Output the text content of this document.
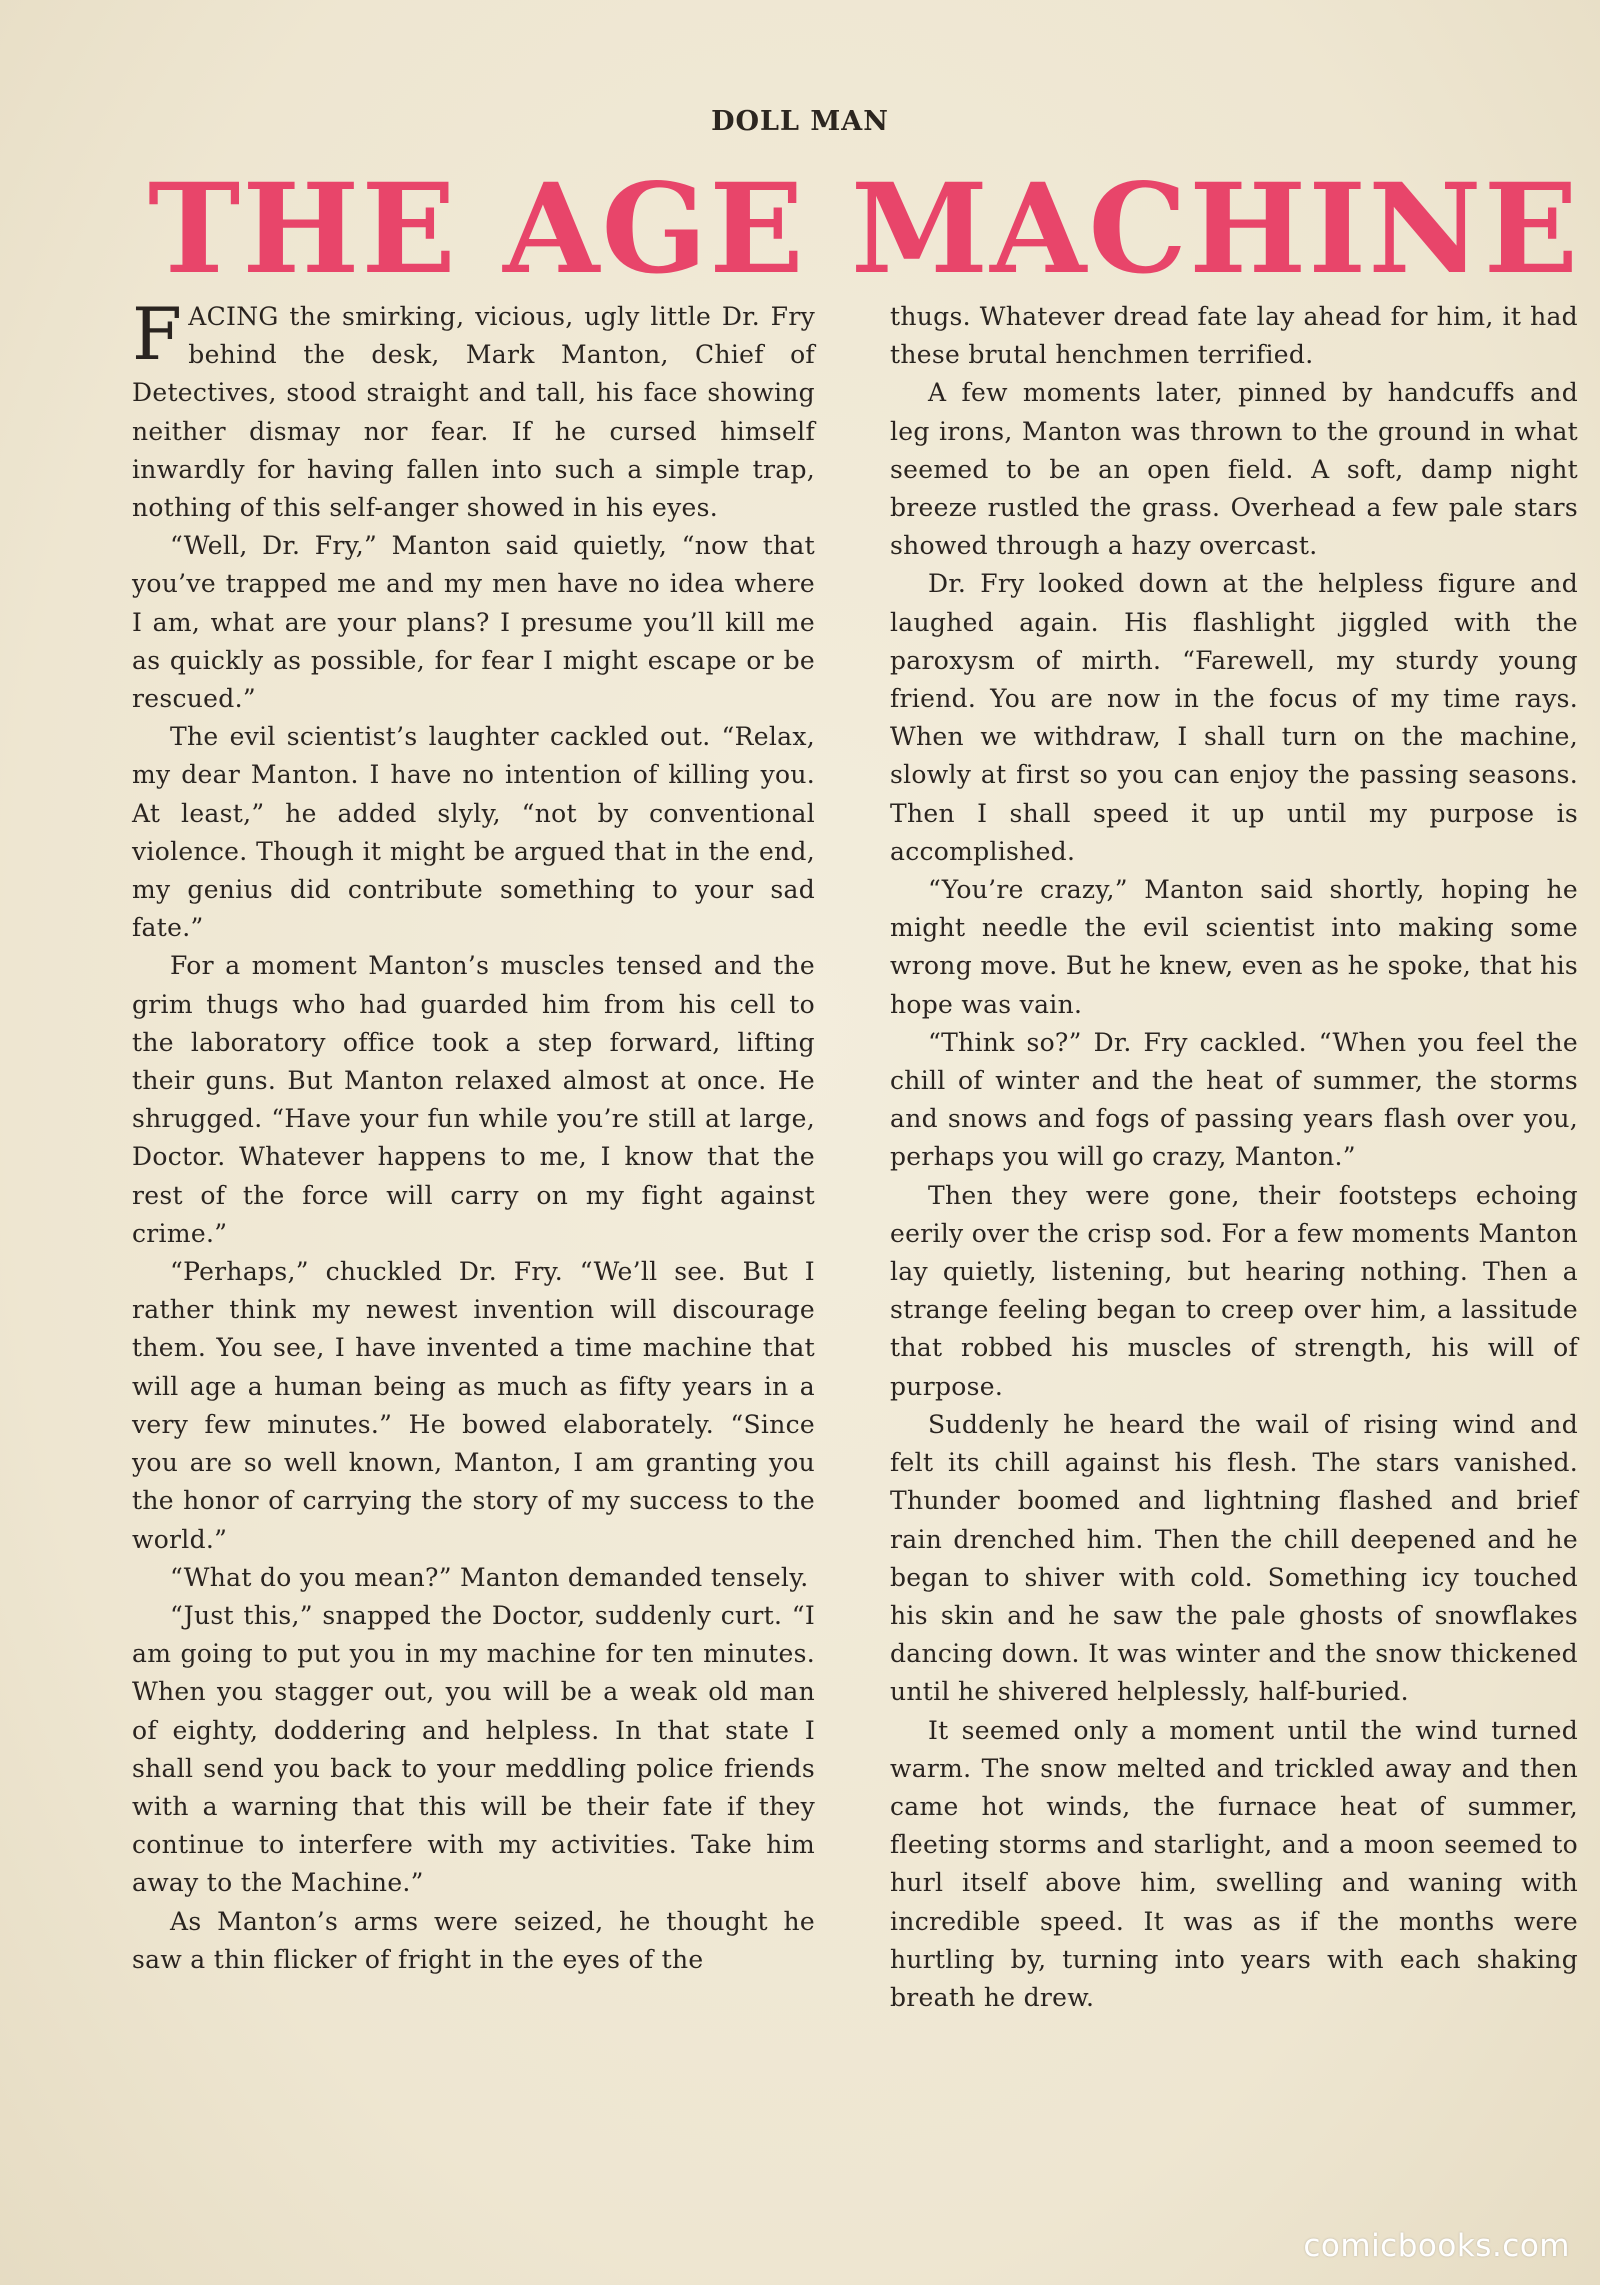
DOLL MAN
THE AGE MACHINE

FACING the smirking, vicious, ugly little Dr. Fry behind the desk, Mark Manton, Chief of Detectives, stood straight and tall, his face showing neither dismay nor fear. If he cursed himself inwardly for having fallen into such a simple trap, nothing of this self-anger showed in his eyes.

“Well, Dr. Fry,” Manton said quietly, “now that you’ve trapped me and my men have no idea where I am, what are your plans? I presume you’ll kill me as quickly as possible, for fear I might escape or be rescued.”

The evil scientist’s laughter cackled out. “Relax, my dear Manton. I have no intention of killing you. At least,” he added slyly, “not by conventional violence. Though it might be argued that in the end, my genius did contribute something to your sad fate.”

For a moment Manton’s muscles tensed and the grim thugs who had guarded him from his cell to the laboratory office took a step forward, lifting their guns. But Manton relaxed almost at once. He shrugged. “Have your fun while you’re still at large, Doctor. Whatever happens to me, I know that the rest of the force will carry on my fight against crime.”

“Perhaps,” chuckled Dr. Fry. “We’ll see. But I rather think my newest invention will discourage them. You see, I have invented a time machine that will age a human being as much as fifty years in a very few minutes.” He bowed elaborately. “Since you are so well known, Manton, I am granting you the honor of carrying the story of my success to the world.”

“What do you mean?” Manton demanded tensely.

“Just this,” snapped the Doctor, suddenly curt. “I am going to put you in my machine for ten minutes. When you stagger out, you will be a weak old man of eighty, doddering and helpless. In that state I shall send you back to your meddling police friends with a warning that this will be their fate if they continue to interfere with my activities. Take him away to the Machine.”

As Manton’s arms were seized, he thought he saw a thin flicker of fright in the eyes of the

thugs. Whatever dread fate lay ahead for him, it had these brutal henchmen terrified.

A few moments later, pinned by handcuffs and leg irons, Manton was thrown to the ground in what seemed to be an open field. A soft, damp night breeze rustled the grass. Overhead a few pale stars showed through a hazy overcast.

Dr. Fry looked down at the helpless figure and laughed again. His flashlight jiggled with the paroxysm of mirth. “Farewell, my sturdy young friend. You are now in the focus of my time rays. When we withdraw, I shall turn on the machine, slowly at first so you can enjoy the passing seasons. Then I shall speed it up until my purpose is accomplished.

“You’re crazy,” Manton said shortly, hoping he might needle the evil scientist into making some wrong move. But he knew, even as he spoke, that his hope was vain.

“Think so?” Dr. Fry cackled. “When you feel the chill of winter and the heat of summer, the storms and snows and fogs of passing years flash over you, perhaps you will go crazy, Manton.”

Then they were gone, their footsteps echoing eerily over the crisp sod. For a few moments Manton lay quietly, listening, but hearing nothing. Then a strange feeling began to creep over him, a lassitude that robbed his muscles of strength, his will of purpose.

Suddenly he heard the wail of rising wind and felt its chill against his flesh. The stars vanished. Thunder boomed and lightning flashed and brief rain drenched him. Then the chill deepened and he began to shiver with cold. Something icy touched his skin and he saw the pale ghosts of snowflakes dancing down. It was winter and the snow thickened until he shivered helplessly, half-buried.

It seemed only a moment until the wind turned warm. The snow melted and trickled away and then came hot winds, the furnace heat of summer, fleeting storms and starlight, and a moon seemed to hurl itself above him, swelling and waning with incredible speed. It was as if the months were hurtling by, turning into years with each shaking breath he drew.

comicbooks.com
